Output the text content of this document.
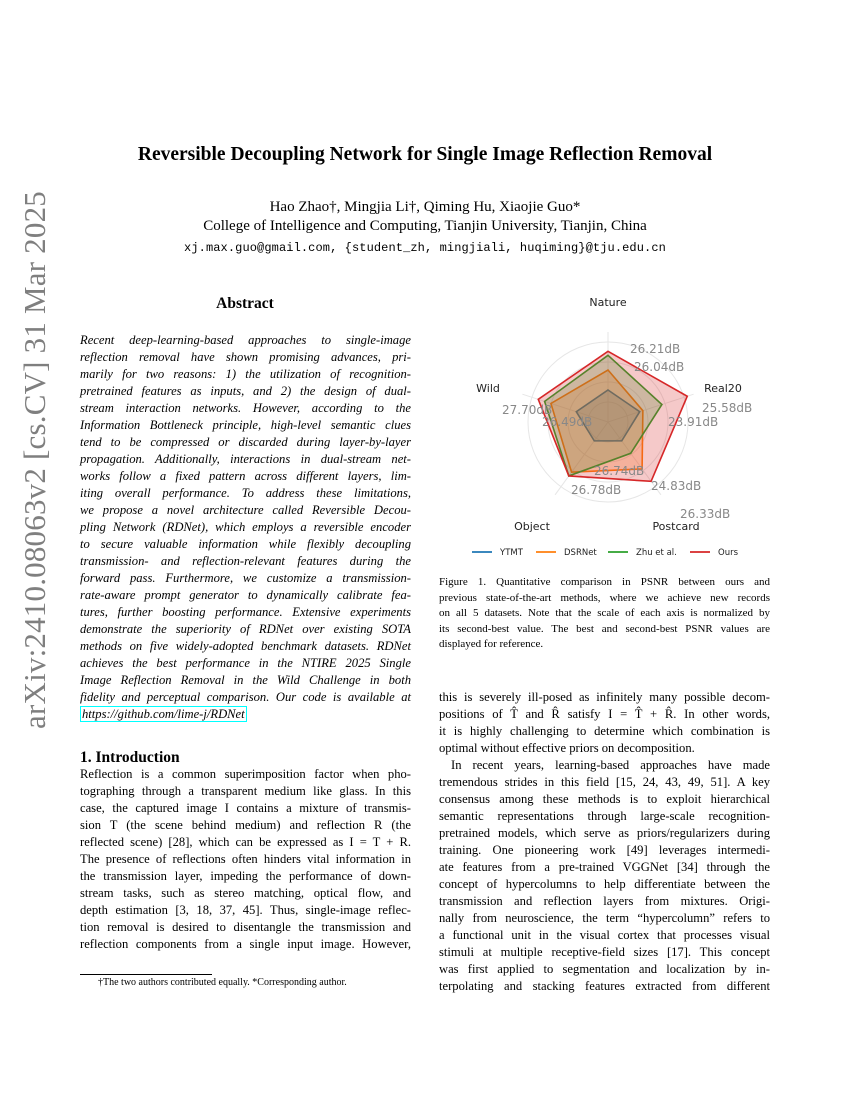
arXiv:2410.08063v2 [cs.CV] 31 Mar 2025
Reversible Decoupling Network for Single Image Reflection Removal
Hao Zhao†, Mingjia Li†, Qiming Hu, Xiaojie Guo*
College of Intelligence and Computing, Tianjin University, Tianjin, China
xj.max.guo@gmail.com, {student_zh, mingjiali, huqiming}@tju.edu.cn
Abstract
Recent deep-learning-based approaches to single-image
reflection removal have shown promising advances, pri-
marily for two reasons: 1) the utilization of recognition-
pretrained features as inputs, and 2) the design of dual-
stream interaction networks. However, according to the
Information Bottleneck principle, high-level semantic clues
tend to be compressed or discarded during layer-by-layer
propagation. Additionally, interactions in dual-stream net-
works follow a fixed pattern across different layers, lim-
iting overall performance. To address these limitations,
we propose a novel architecture called Reversible Decou-
pling Network (RDNet), which employs a reversible encoder
to secure valuable information while flexibly decoupling
transmission- and reflection-relevant features during the
forward pass. Furthermore, we customize a transmission-
rate-aware prompt generator to dynamically calibrate fea-
tures, further boosting performance. Extensive experiments
demonstrate the superiority of RDNet over existing SOTA
methods on five widely-adopted benchmark datasets. RDNet
achieves the best performance in the NTIRE 2025 Single
Image Reflection Removal in the Wild Challenge in both
fidelity and perceptual comparison. Our code is available at
https://github.com/lime-j/RDNet
1. Introduction
Reflection is a common superimposition factor when pho-
tographing through a transparent medium like glass. In this
case, the captured image I contains a mixture of transmis-
sion T (the scene behind medium) and reflection R (the
reflected scene) [28], which can be expressed as I = T + R.
The presence of reflections often hinders vital information in
the transmission layer, impeding the performance of down-
stream tasks, such as stereo matching, optical flow, and
depth estimation [3, 18, 37, 45]. Thus, single-image reflec-
tion removal is desired to disentangle the transmission and
reflection components from a single input image. However,
this is severely ill-posed as infinitely many possible decom-
positions of T̂ and R̂ satisfy I = T̂ + R̂. In other words,
it is highly challenging to determine which combination is
optimal without effective priors on decomposition.
In recent years, learning-based approaches have made
tremendous strides in this field [15, 24, 43, 49, 51]. A key
consensus among these methods is to exploit hierarchical
semantic representations through large-scale recognition-
pretrained models, which serve as priors/regularizers during
training. One pioneering work [49] leverages intermedi-
ate features from a pre-trained VGGNet [34] through the
concept of hypercolumns to help differentiate between the
transmission and reflection layers from mixtures. Origi-
nally from neuroscience, the term “hypercolumn” refers to
a functional unit in the visual cortex that processes visual
stimuli at multiple receptive-field sizes [17]. This concept
was first applied to segmentation and localization by in-
terpolating and stacking features extracted from different
Nature
Real20
Postcard
Object
Wild
26.21dB
26.04dB
25.58dB
23.91dB
26.33dB
24.83dB
26.78dB
26.74dB
27.70dB
26.49dB
YTMT	DSRNet	Zhu et al.	Ours
Figure 1. Quantitative comparison in PSNR between ours and
previous state-of-the-art methods, where we achieve new records
on all 5 datasets. Note that the scale of each axis is normalized by
its second-best value. The best and second-best PSNR values are
displayed for reference.
†The two authors contributed equally. *Corresponding author.
